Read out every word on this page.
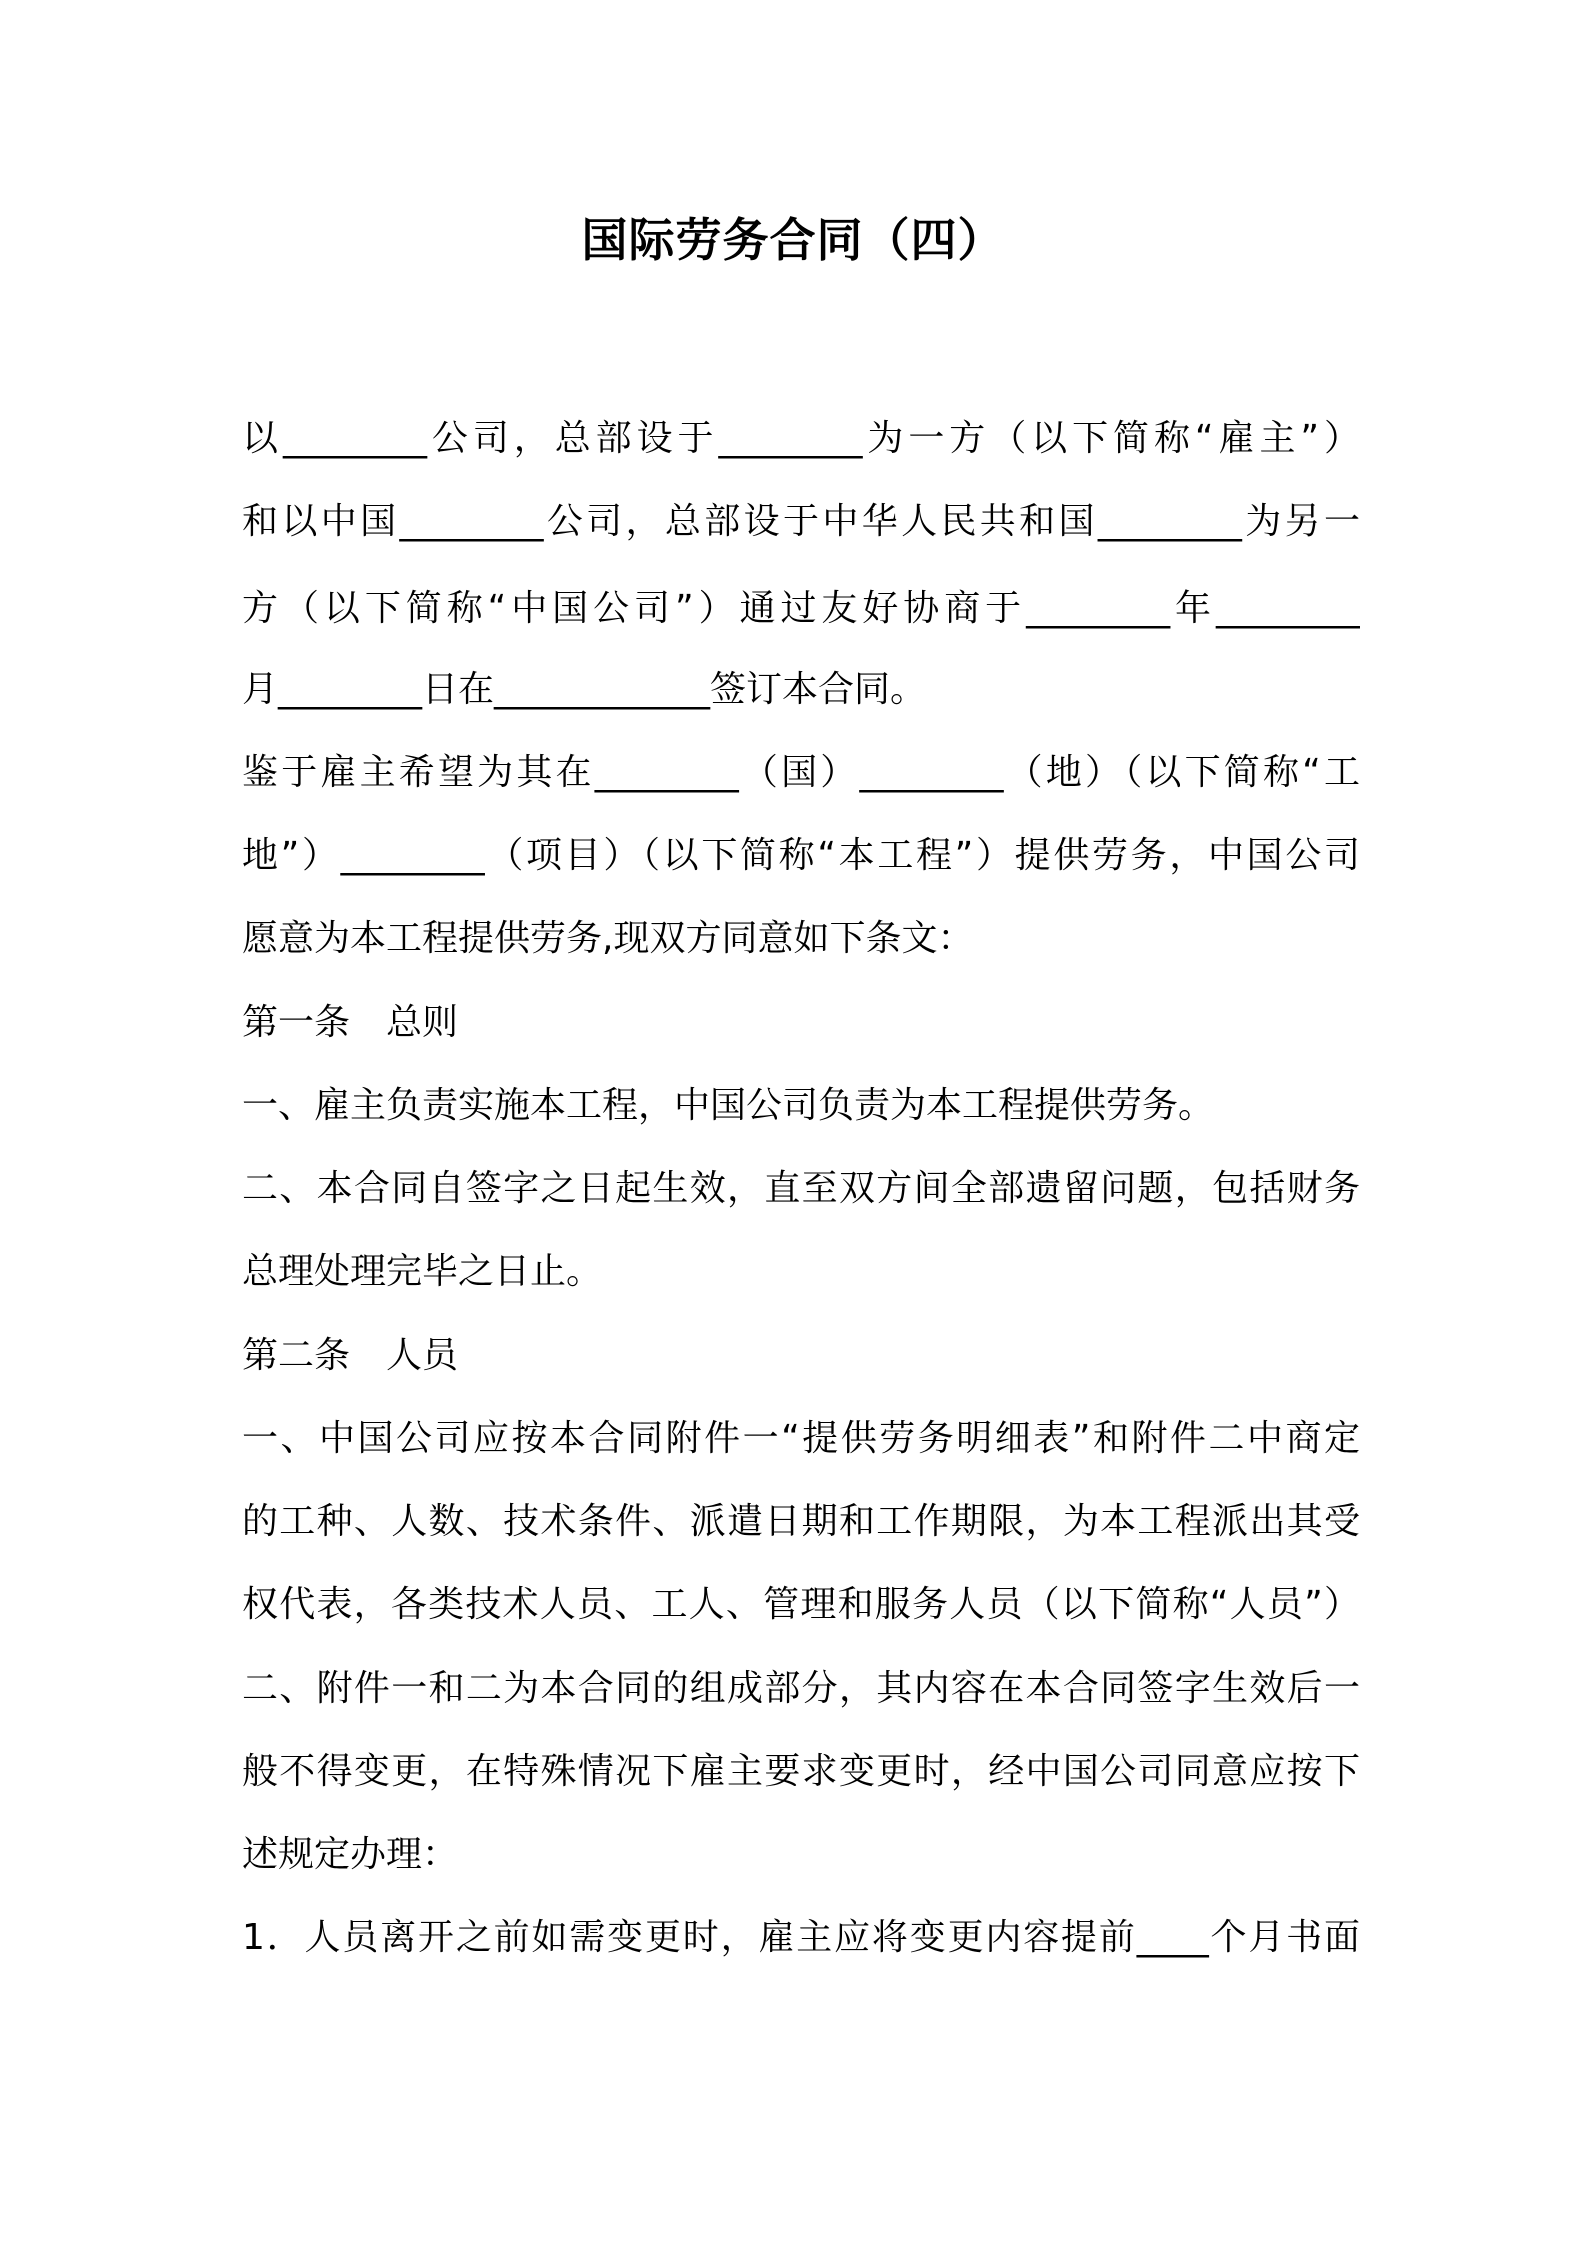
国际劳务合同（四）
以________公司，总部设于________为一方（以下简称“雇主”）
和以中国________公司，总部设于中华人民共和国________为另一
方（以下简称“中国公司”）通过友好协商于________年________
月________日在____________签订本合同。
鉴于雇主希望为其在________（国）________（地）（以下简称“工
地”）________（项目）（以下简称“本工程”）提供劳务，中国公司
愿意为本工程提供劳务,现双方同意如下条文：
第一条　总则
一、雇主负责实施本工程，中国公司负责为本工程提供劳务。
二、本合同自签字之日起生效，直至双方间全部遗留问题，包括财务
总理处理完毕之日止。
第二条　人员
一、中国公司应按本合同附件一“提供劳务明细表”和附件二中商定
的工种、人数、技术条件、派遣日期和工作期限，为本工程派出其受
权代表，各类技术人员、工人、管理和服务人员（以下简称“人员”）
二、附件一和二为本合同的组成部分，其内容在本合同签字生效后一
般不得变更，在特殊情况下雇主要求变更时，经中国公司同意应按下
述规定办理：
1．人员离开之前如需变更时，雇主应将变更内容提前____个月书面
